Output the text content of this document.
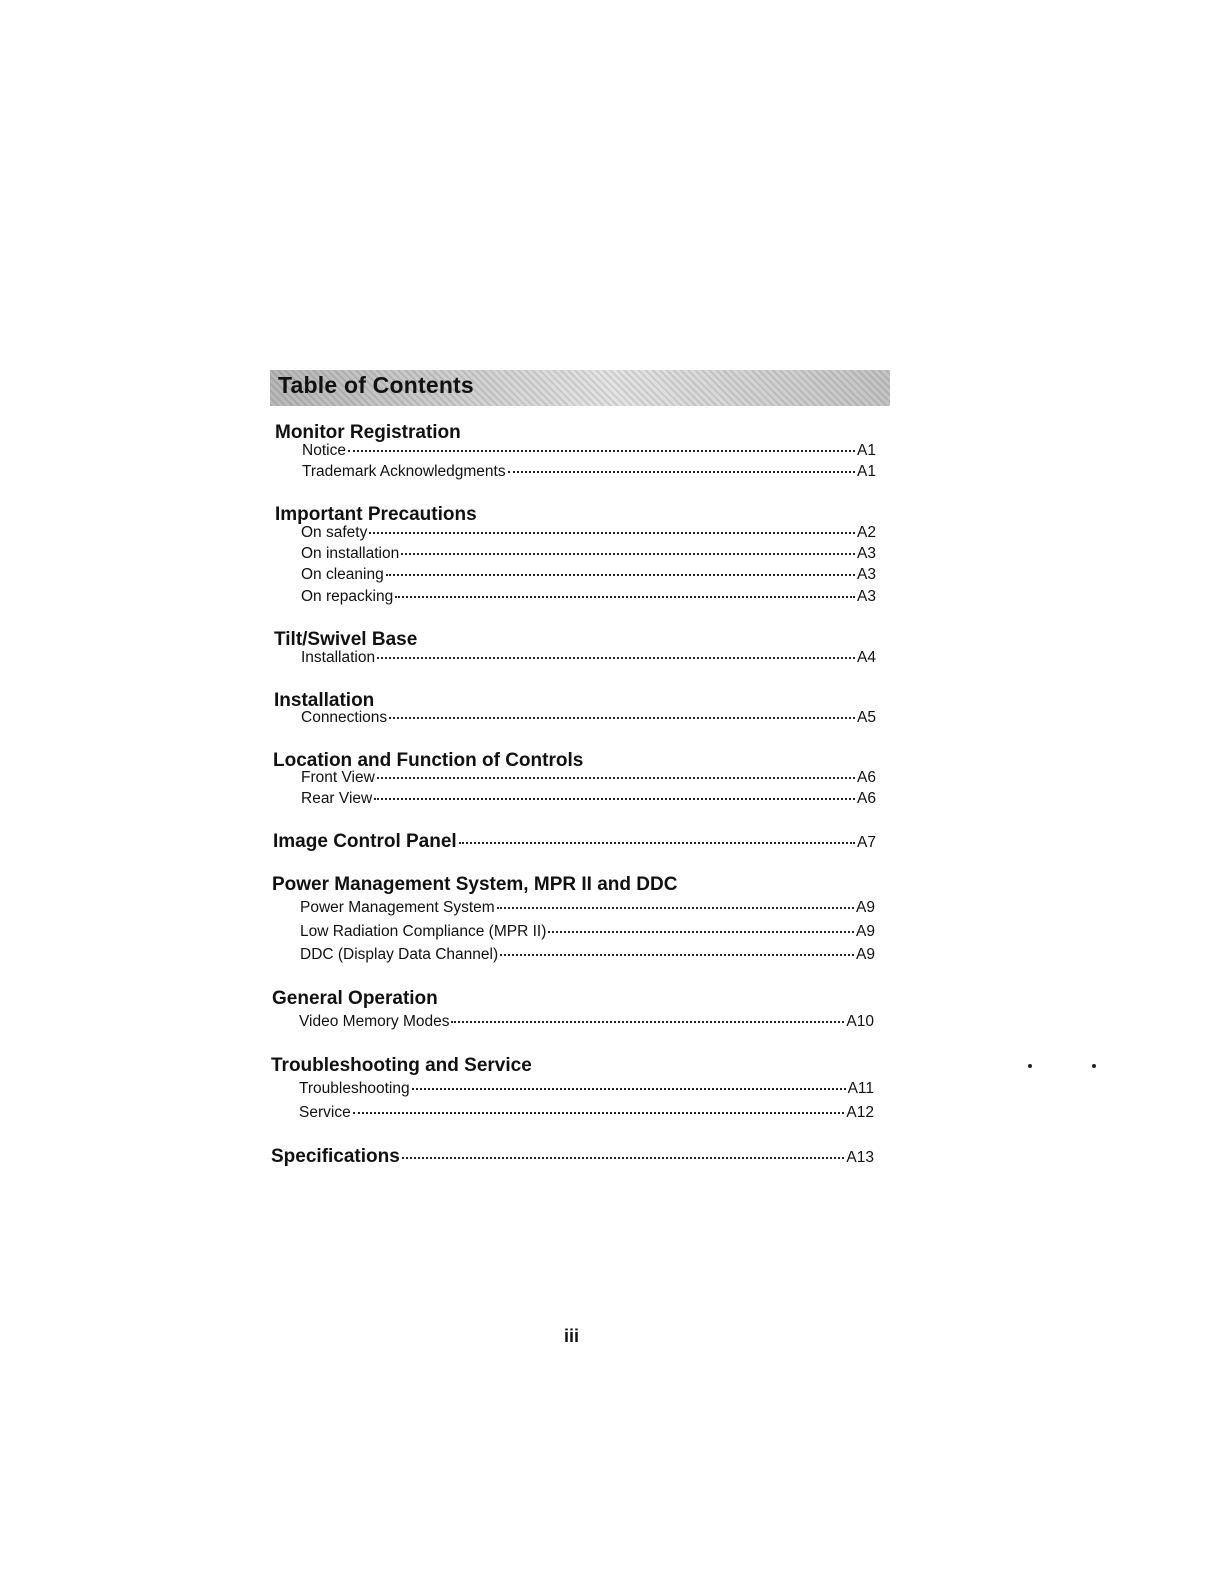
Table of Contents
Monitor Registration
Notice	A1
Trademark Acknowledgments	A1
Important Precautions
On safety	A2
On installation	A3
On cleaning	A3
On repacking	A3
Tilt/Swivel Base
Installation	A4
Installation
Connections	A5
Location and Function of Controls
Front View	A6
Rear View	A6
Image Control Panel	A7
Power Management System, MPR II and DDC
Power Management System	A9
Low Radiation Compliance (MPR II)	A9
DDC (Display Data Channel)	A9
General Operation
Video Memory Modes	A10
Troubleshooting and Service
Troubleshooting	A11
Service	A12
Specifications	A13
iii
